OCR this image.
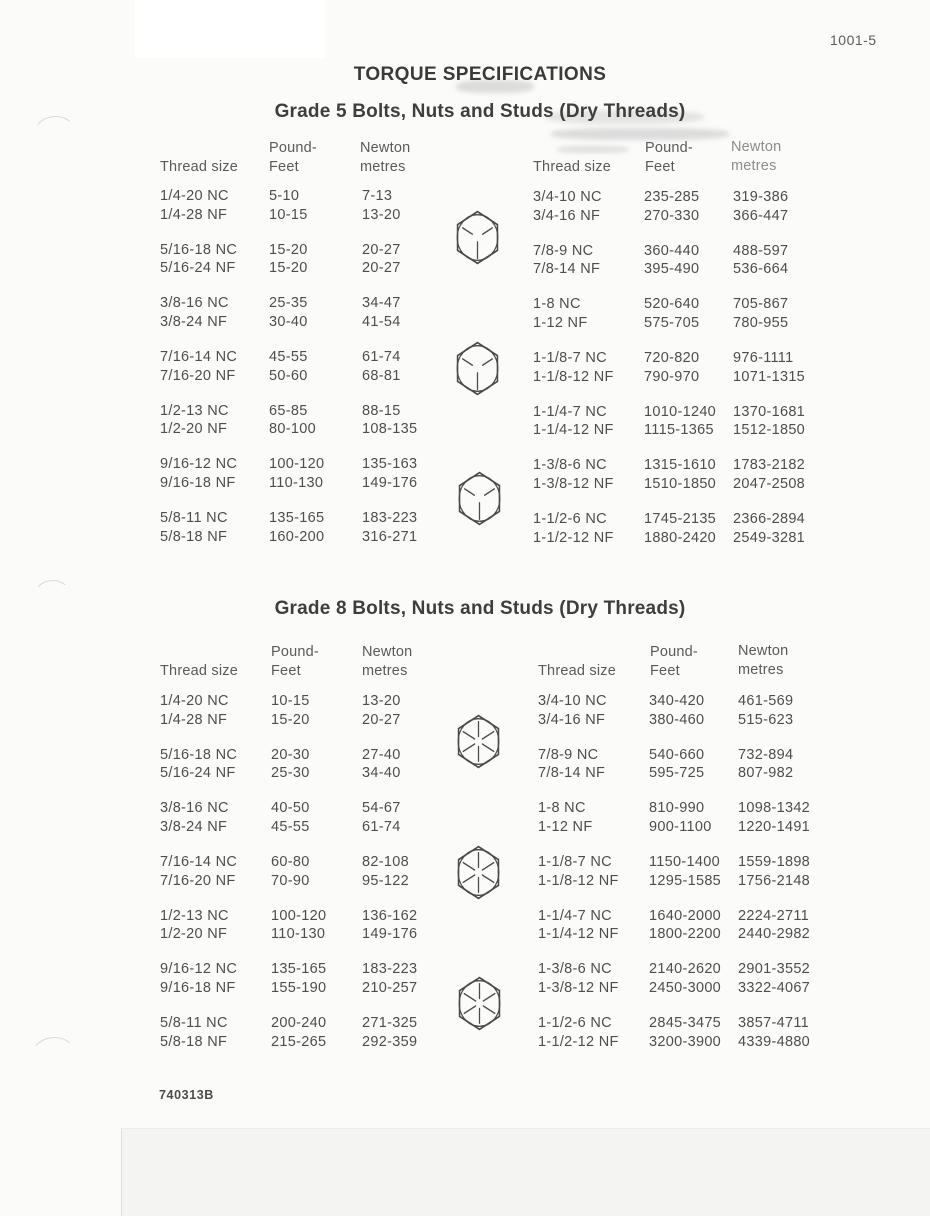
1001-5
TORQUE SPECIFICATIONS
Grade 5 Bolts, Nuts and Studs (Dry Threads)
Thread size
Pound-
Feet
Newton
metres	Thread size
Pound-
Feet
Newton
metres
1/4-20 NC	5-10	7-13
1/4-28 NF	10-15	13-20
5/16-18 NC 15-20	20-27
5/16-24 NF 15-20	20-27
3/8-16 NC	25-35	34-47
3/8-24 NF	30-40	41-54
7/16-14 NC 45-55	61-74
7/16-20 NF 50-60	68-81
1/2-13 NC	65-85	88-15
1/2-20 NF	80-100	108-135
9/16-12 NC 100-120	135-163
9/16-18 NF 110-130	149-176
5/8-11 NC	135-165	183-223
5/8-18 NF	160-200	316-271
3/4-10 NC	235-285 319-386
3/4-16 NF	270-330 366-447
7/8-9 NC	360-440 488-597
7/8-14 NF	395-490 536-664
1-8 NC	520-640 705-867
1-12 NF	575-705 780-955
1-1/8-7 NC	720-820 976-1111
1-1/8-12 NF 790-970 1071-1315
1-1/4-7 NC	1010-1240 1370-1681
1-1/4-12 NF 1115-1365 1512-1850
1-3/8-6 NC	1315-1610 1783-2182
1-3/8-12 NF 1510-1850 2047-2508
1-1/2-6 NC	1745-2135 2366-2894
1-1/2-12 NF 1880-2420 2549-3281
Grade 8 Bolts, Nuts and Studs (Dry Threads)
Thread size
Pound-
Feet
Newton
metres	Thread size
Pound-
Feet
Newton
metres
1/4-20 NC	10-15	13-20
1/4-28 NF	15-20	20-27
5/16-18 NC 20-30	27-40
5/16-24 NF 25-30	34-40
3/8-16 NC	40-50	54-67
3/8-24 NF	45-55	61-74
7/16-14 NC 60-80	82-108
7/16-20 NF 70-90	95-122
1/2-13 NC	100-120 136-162
1/2-20 NF	110-130	149-176
9/16-12 NC 135-165 183-223
9/16-18 NF 155-190 210-257
5/8-11 NC	200-240 271-325
5/8-18 NF	215-265 292-359
3/4-10 NC	340-420 461-569
3/4-16 NF	380-460 515-623
7/8-9 NC	540-660 732-894
7/8-14 NF	595-725 807-982
1-8 NC	810-990 1098-1342
1-12 NF	900-1100 1220-1491
1-1/8-7 NC	1150-1400 1559-1898
1-1/8-12 NF 1295-1585 1756-2148
1-1/4-7 NC	1640-2000 2224-2711
1-1/4-12 NF 1800-2200 2440-2982
1-3/8-6 NC	2140-2620 2901-3552
1-3/8-12 NF 2450-3000 3322-4067
1-1/2-6 NC	2845-3475 3857-4711
1-1/2-12 NF 3200-3900 4339-4880
740313B
